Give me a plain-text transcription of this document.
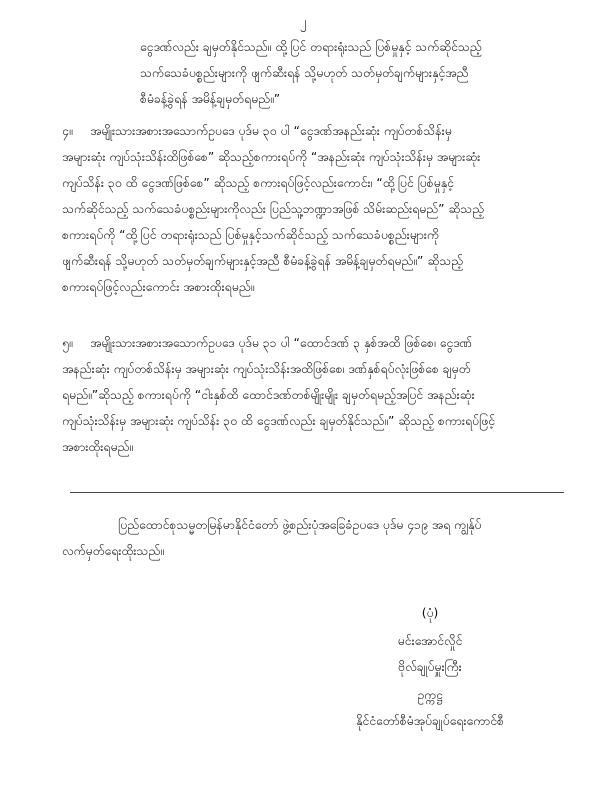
၂
ငွေဒဏ်လည်း ချမှတ်နိုင်သည်။ ထို့ပြင် တရားရုံးသည် ပြစ်မှုနှင့် သက်ဆိုင်သည့်
သက်သေခံပစ္စည်းများကို ဖျက်ဆီးရန် သို့မဟုတ် သတ်မှတ်ချက်များနှင့်အညီ
စီမံခန့်ခွဲရန် အမိန့်ချမှတ်ရမည်။”
၄။ အမျိုးသားအစားအသောက်ဥပဒေ ပုဒ်မ ၃၀ ပါ “ငွေဒဏ်အနည်းဆုံး ကျပ်တစ်သိန်းမှ
အများဆုံး ကျပ်သုံးသိန်းထိဖြစ်စေ” ဆိုသည့်စကားရပ်ကို “အနည်းဆုံး ကျပ်သုံးသိန်းမှ အများဆုံး
ကျပ်သိန်း ၃၀ ထိ ငွေဒဏ်ဖြစ်စေ” ဆိုသည့် စကားရပ်ဖြင့်လည်းကောင်း၊ “ထို့ပြင် ပြစ်မှုနှင့်
သက်ဆိုင်သည့် သက်သေခံပစ္စည်းများကိုလည်း ပြည်သူ့ဘဏ္ဍာအဖြစ် သိမ်းဆည်းရမည်” ဆိုသည့်
စကားရပ်ကို “ထို့ပြင် တရားရုံးသည် ပြစ်မှုနှင့်သက်ဆိုင်သည့် သက်သေခံပစ္စည်းများကို
ဖျက်ဆီးရန် သို့မဟုတ် သတ်မှတ်ချက်များနှင့်အညီ စီမံခန့်ခွဲရန် အမိန့်ချမှတ်ရမည်။” ဆိုသည့်
စကားရပ်ဖြင့်လည်းကောင်း အစားထိုးရမည်။
၅။ အမျိုးသားအစားအသောက်ဥပဒေ ပုဒ်မ ၃၁ ပါ “ထောင်ဒဏ် ၃ နှစ်အထိ ဖြစ်စေ၊ ငွေဒဏ်
အနည်းဆုံး ကျပ်တစ်သိန်းမှ အများဆုံး ကျပ်သုံးသိန်းအထိဖြစ်စေ၊ ဒဏ်နှစ်ရပ်လုံးဖြစ်စေ ချမှတ်
ရမည်။”ဆိုသည့် စကားရပ်ကို “ငါးနှစ်ထိ ထောင်ဒဏ်တစ်မျိုးမျိုး ချမှတ်ရမည့်အပြင် အနည်းဆုံး
ကျပ်သုံးသိန်းမှ အများဆုံး ကျပ်သိန်း ၃၀ ထိ ငွေဒဏ်လည်း ချမှတ်နိုင်သည်။” ဆိုသည့် စကားရပ်ဖြင့်
အစားထိုးရမည်။
ပြည်ထောင်စုသမ္မတမြန်မာနိုင်ငံတော် ဖွဲ့စည်းပုံအခြေခံဥပဒေ ပုဒ်မ ၄၁၉ အရ ကျွန်ုပ်
လက်မှတ်ရေးထိုးသည်။
(ပုံ)
မင်းအောင်လှိုင်
ဗိုလ်ချုပ်မှူးကြီး
ဥက္ကဋ္ဌ
နိုင်ငံတော်စီမံအုပ်ချုပ်ရေးကောင်စီ
